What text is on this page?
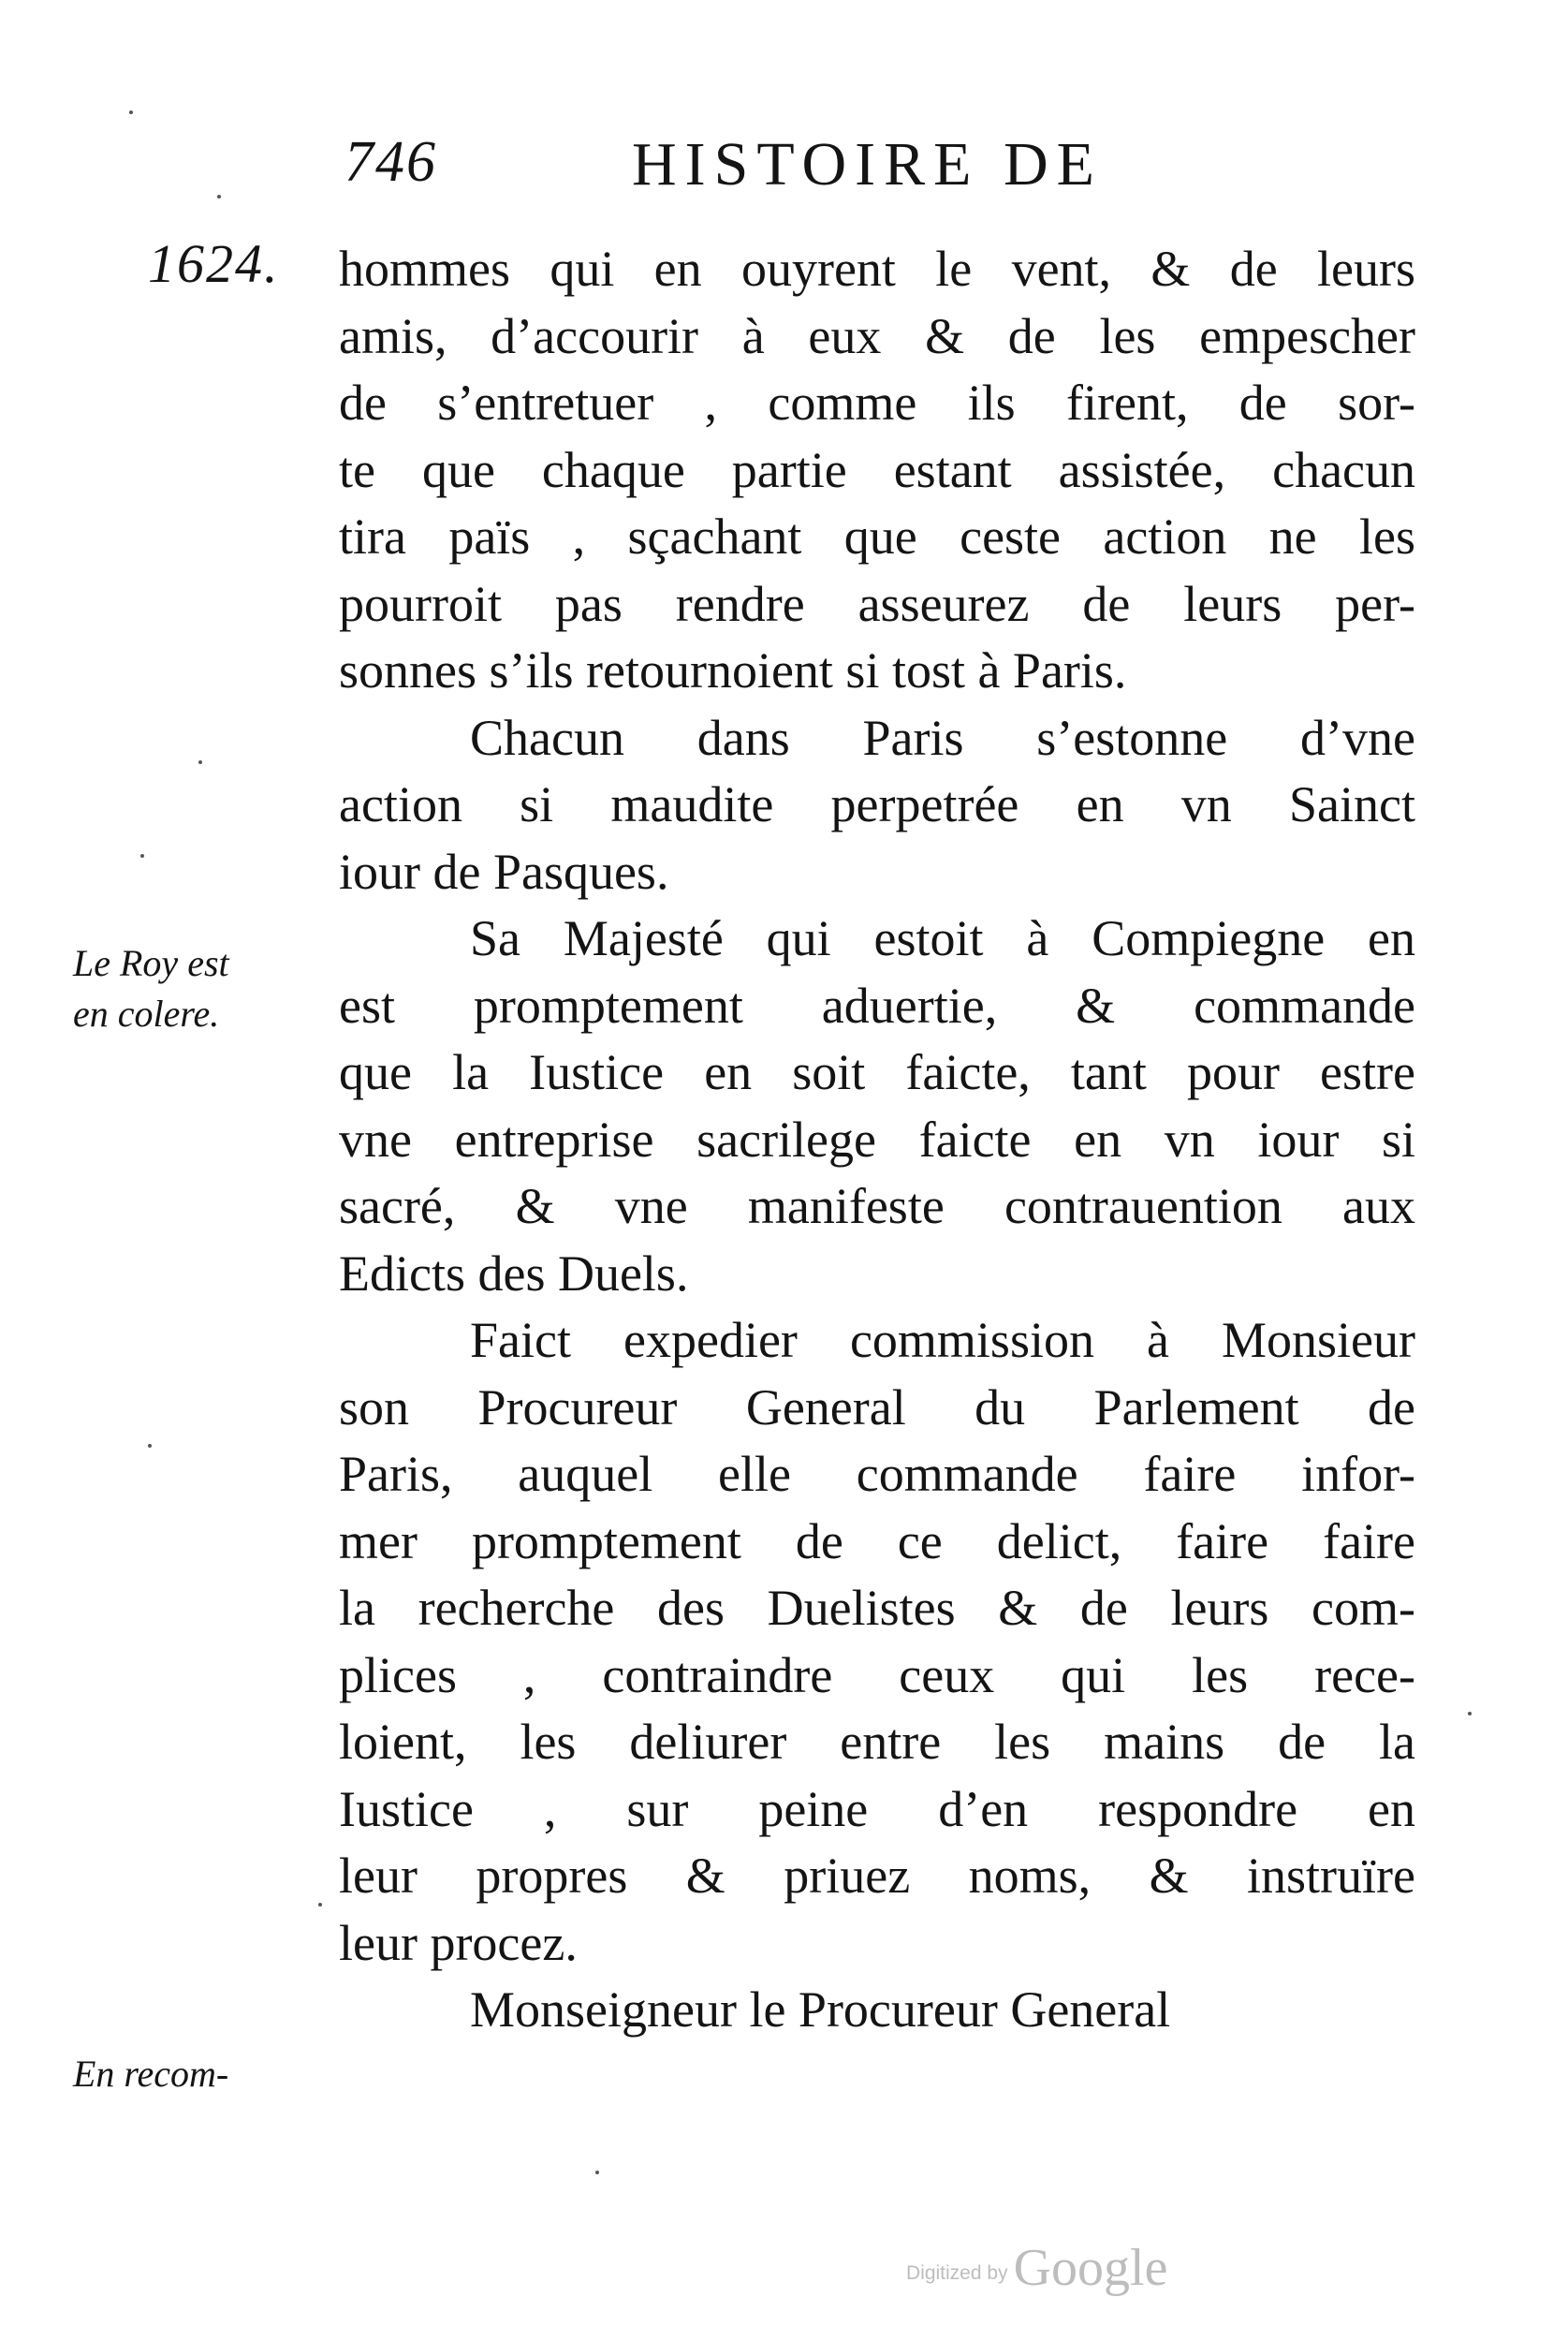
746	HISTOIRE DE
1624.
Le Roy est
en colere.
En recom-
hommes qui en ouyrent le vent, & de leurs
amis, d’accourir à eux & de les empescher
de s’entretuer , comme ils firent, de sor-
te que chaque partie estant assistée, chacun
tira païs , sçachant que ceste action ne les
pourroit pas rendre asseurez de leurs per-
sonnes s’ils retournoient si tost à Paris.
Chacun dans Paris s’estonne d’vne
action si maudite perpetrée en vn Sainct
iour de Pasques.
Sa Majesté qui estoit à Compiegne en
est promptement aduertie, & commande
que la Iustice en soit faicte, tant pour estre
vne entreprise sacrilege faicte en vn iour si
sacré, & vne manifeste contrauention aux
Edicts des Duels.
Faict expedier commission à Monsieur
son Procureur General du Parlement de
Paris, auquel elle commande faire infor-
mer promptement de ce delict, faire faire
la recherche des Duelistes & de leurs com-
plices , contraindre ceux qui les rece-
loient, les deliurer entre les mains de la
Iustice , sur peine d’en respondre en
leur propres & priuez noms, & instruïre
leur procez.
Monseigneur le Procureur General
Digitized by Google
